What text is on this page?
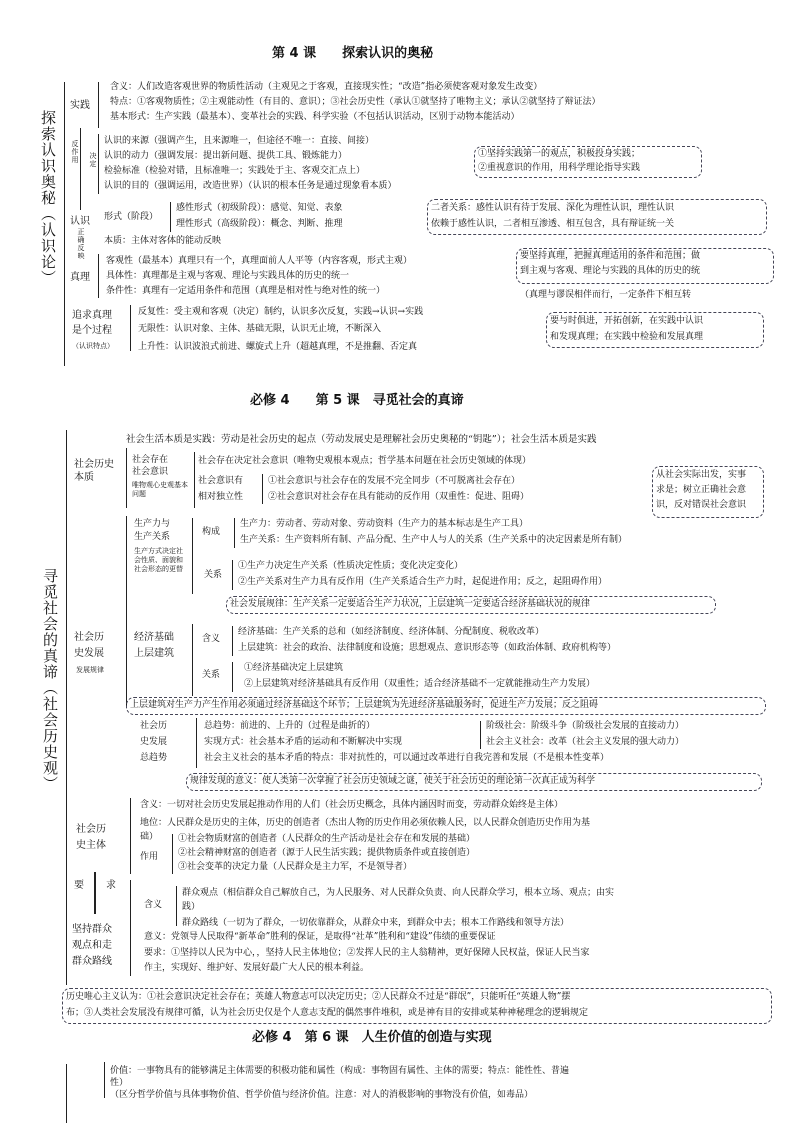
第 4 课　　探索认识的奥秘
探索认识奥秘（认识论）
实践
含义：人们改造客观世界的物质性活动（主观见之于客观，直接现实性；“改造”指必须使客观对象发生改变）
特点：①客观物质性；②主观能动性（有目的、意识）；③社会历史性（承认①就坚持了唯物主义；承认②就坚持了辩证法）
基本形式：生产实践（最基本）、变革社会的实践、科学实验（不包括认识活动，区别于动物本能活动）
反作用 决定
认识的来源（强调产生，且来源唯一，但途径不唯一：直接、间接）
认识的动力（强调发展：提出新问题、提供工具、锻炼能力）
检验标准（检验对错，且标准唯一；实践处于主、客观交汇点上）
认识的目的（强调运用，改造世界）（认识的根本任务是通过现象看本质）
①坚持实践第一的观点，积极投身实践；
②重视意识的作用，用科学理论指导实践
认识
正确反映
形式（阶段）
感性形式（初级阶段）：感觉、知觉、表象
理性形式（高级阶段）：概念、判断、推理
二者关系：感性认识有待于发展、深化为理性认识，理性认识
依赖于感性认识，二者相互渗透、相互包含，具有辩证统一关
本质：主体对客体的能动反映
真理
客观性（最基本）真理只有一个，真理面前人人平等（内容客观，形式主观）
具体性：真理都是主观与客观、理论与实践具体的历史的统一
条件性：真理有一定适用条件和范围（真理是相对性与绝对性的统一）
要坚持真理，把握真理适用的条件和范围；做
到主观与客观、理论与实践的具体的历史的统
（真理与谬误相伴而行，一定条件下相互转
追求真理
是个过程
（认识特点）
反复性：受主观和客观（决定）制约，认识多次反复，实践→认识→实践
无限性：认识对象、主体、基础无限，认识无止境，不断深入
上升性：认识波浪式前进、螺旋式上升（超越真理，不是推翻、否定真
要与时俱进，开拓创新，在实践中认识
和发现真理；在实践中检验和发展真理
必修 4　　第 5 课　寻觅社会的真谛
寻觅社会的真谛（社会历史观）
社会生活本质是实践：劳动是社会历史的起点（劳动发展史是理解社会历史奥秘的“钥匙”）；社会生活本质是实践
社会历史本质
社会存在
社会意识
唯物观心史观基本问题
社会存在决定社会意识（唯物史观根本观点；哲学基本问题在社会历史领域的体现）
社会意识有
相对独立性
①社会意识与社会存在的发展不完全同步（不可脱离社会存在）
②社会意识对社会存在具有能动的反作用（双重性：促进、阻碍）
从社会实际出发，实事
求是；树立正确社会意
识，反对错误社会意识
社会历
史发展
发展规律
生产力与
生产关系
生产方式决定社会性质、面貌和社会形态的更替
构成
生产力：劳动者、劳动对象、劳动资料（生产力的基本标志是生产工具）
生产关系：生产资料所有制、产品分配、生产中人与人的关系（生产关系中的决定因素是所有制）
关系
①生产力决定生产关系（性质决定性质；变化决定变化）
②生产关系对生产力具有反作用（生产关系适合生产力时，起促进作用；反之，起阻碍作用）
社会发展规律：生产关系一定要适合生产力状况，上层建筑一定要适合经济基础状况的规律
经济基础
上层建筑
含义
经济基础：生产关系的总和（如经济制度、经济体制、分配制度、税收改革）
上层建筑：社会的政治、法律制度和设施；思想观点、意识形态等（如政治体制、政府机构等）
关系
①经济基础决定上层建筑
②上层建筑对经济基础具有反作用（双重性；适合经济基础不一定就能推动生产力发展）
上层建筑对生产力产生作用必须通过经济基础这个环节；上层建筑为先进经济基础服务时，促进生产力发展；反之阻碍
社会历
史发展
总趋势
总趋势：前进的、上升的（过程是曲折的）
实现方式：社会基本矛盾的运动和不断解决中实现
社会主义社会的基本矛盾的特点：非对抗性的，可以通过改革进行自我完善和发展（不是根本性变革）
阶级社会：阶级斗争（阶级社会发展的直接动力）
社会主义社会：改革（社会主义发展的强大动力）
规律发现的意义：使人类第一次掌握了社会历史领域之谜，使关于社会历史的理论第一次真正成为科学
社会历
史主体
含义：一切对社会历史发展起推动作用的人们（社会历史概念，具体内涵因时而变，劳动群众始终是主体）
地位：人民群众是历史的主体，历史的创造者（杰出人物的历史作用必须依赖人民，以人民群众创造历史作用为基
础）
作用
①社会物质财富的创造者（人民群众的生产活动是社会存在和发展的基础）
②社会精神财富的创造者（源于人民生活实践；提供物质条件或直接创造）
③社会变革的决定力量（人民群众是主力军，不是领导者）
要 求
坚持群众
观点和走
群众路线
含义
群众观点（相信群众自己解放自己，为人民服务、对人民群众负责、向人民群众学习，根本立场、观点；由实
践）
群众路线（一切为了群众，一切依靠群众，从群众中来，到群众中去；根本工作路线和领导方法）
意义：党领导人民取得“新革命”胜利的保证，是取得“社革”胜利和“建设”伟绩的重要保证
要求：①坚持以人民为中心，，坚持人民主体地位；②发挥人民的主人翁精神，更好保障人民权益，保证人民当家
作主，实现好、维护好、发展好最广大人民的根本利益。
历史唯心主义认为：①社会意识决定社会存在；英雄人物意志可以决定历史；②人民群众不过是“群氓”，只能听任“英雄人物”摆
布；③人类社会发展没有规律可循，认为社会历史仅是个人意志支配的偶然事件堆积，或是神有目的安排或某种神秘理念的逻辑规定
必修 4　第 6 课　人生价值的创造与实现
价值：一事物具有的能够满足主体需要的积极功能和属性（构成：事物固有属性、主体的需要；特点：能性性、普遍
性）
（区分哲学价值与具体事物价值、哲学价值与经济价值。注意：对人的消极影响的事物没有价值，如毒品）
